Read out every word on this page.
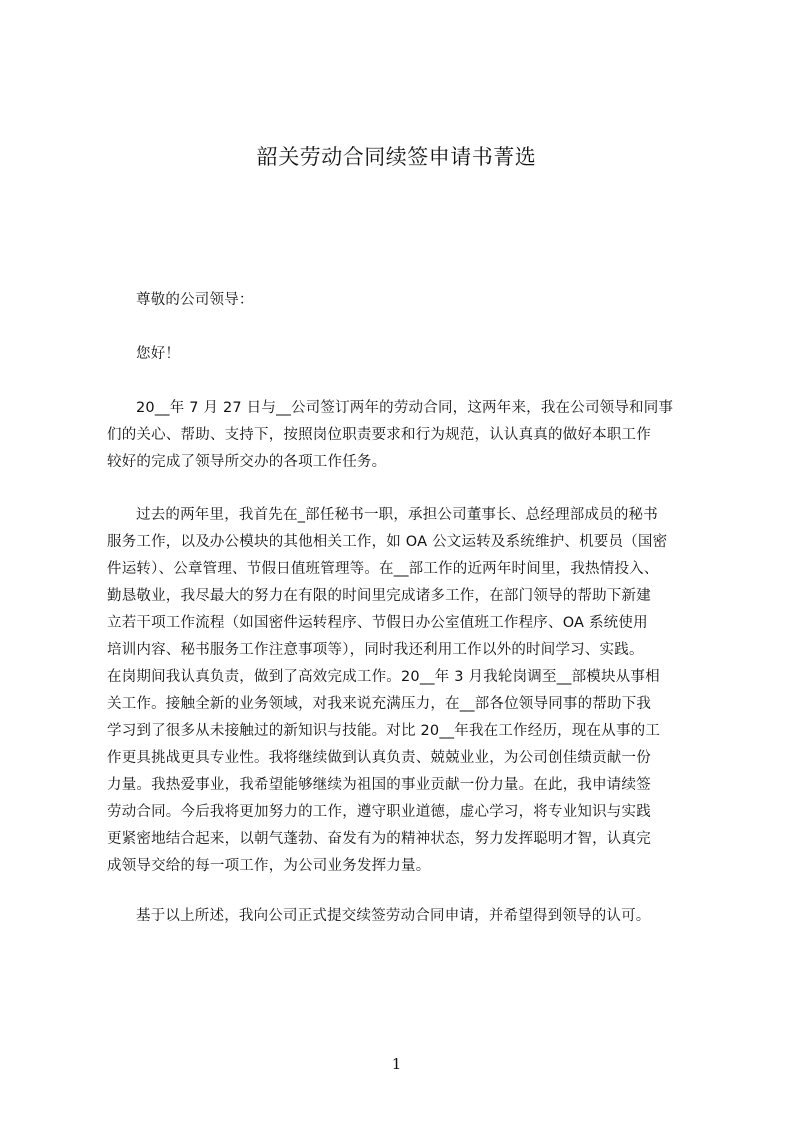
韶关劳动合同续签申请书菁选
尊敬的公司领导：
您好！
20__年 7 月 27 日与__公司签订两年的劳动合同，这两年来，我在公司领导和同事
们的关心、帮助、支持下，按照岗位职责要求和行为规范，认认真真的做好本职工作
较好的完成了领导所交办的各项工作任务。
过去的两年里，我首先在_部任秘书一职，承担公司董事长、总经理部成员的秘书
服务工作，以及办公模块的其他相关工作，如 OA 公文运转及系统维护、机要员（国密
件运转）、公章管理、节假日值班管理等。在__部工作的近两年时间里，我热情投入、
勤恳敬业，我尽最大的努力在有限的时间里完成诸多工作，在部门领导的帮助下新建
立若干项工作流程（如国密件运转程序、节假日办公室值班工作程序、OA 系统使用
培训内容、秘书服务工作注意事项等），同时我还利用工作以外的时间学习、实践。
在岗期间我认真负责，做到了高效完成工作。20__年 3 月我轮岗调至__部模块从事相
关工作。接触全新的业务领域，对我来说充满压力，在__部各位领导同事的帮助下我
学习到了很多从未接触过的新知识与技能。对比 20__年我在工作经历，现在从事的工
作更具挑战更具专业性。我将继续做到认真负责、兢兢业业，为公司创佳绩贡献一份
力量。我热爱事业，我希望能够继续为祖国的事业贡献一份力量。在此，我申请续签
劳动合同。今后我将更加努力的工作，遵守职业道德，虚心学习，将专业知识与实践
更紧密地结合起来，以朝气蓬勃、奋发有为的精神状态，努力发挥聪明才智，认真完
成领导交给的每一项工作，为公司业务发挥力量。
基于以上所述，我向公司正式提交续签劳动合同申请，并希望得到领导的认可。
1
